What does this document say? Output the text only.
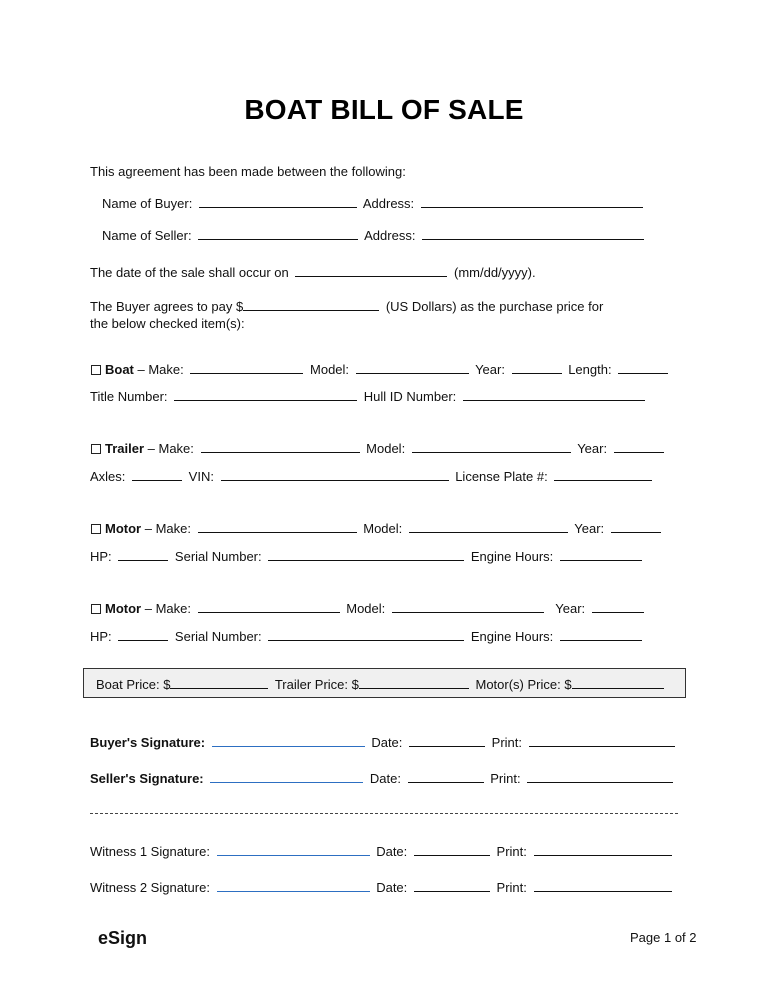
BOAT BILL OF SALE
This agreement has been made between the following:
Name of Buyer:	Address:
Name of Seller:	Address:
The date of the sale shall occur on	(mm/dd/yyyy).
The Buyer agrees to pay $	(US Dollars) as the purchase price for
the below checked item(s):
Boat – Make:	Model:	Year:	Length:
Title Number:	Hull ID Number:
Trailer – Make:	Model:	Year:
Axles:	VIN:	License Plate #:
Motor – Make:	Model:	Year:
HP:	Serial Number:	Engine Hours:
Motor – Make:	Model:	Year:
HP:	Serial Number:	Engine Hours:
Boat Price: $	Trailer Price: $	Motor(s) Price: $
Buyer's Signature:	Date:	Print:
Seller's Signature:	Date:	Print:
Witness 1 Signature:	Date:	Print:
Witness 2 Signature:	Date:	Print:
eSign	Page 1 of 2
